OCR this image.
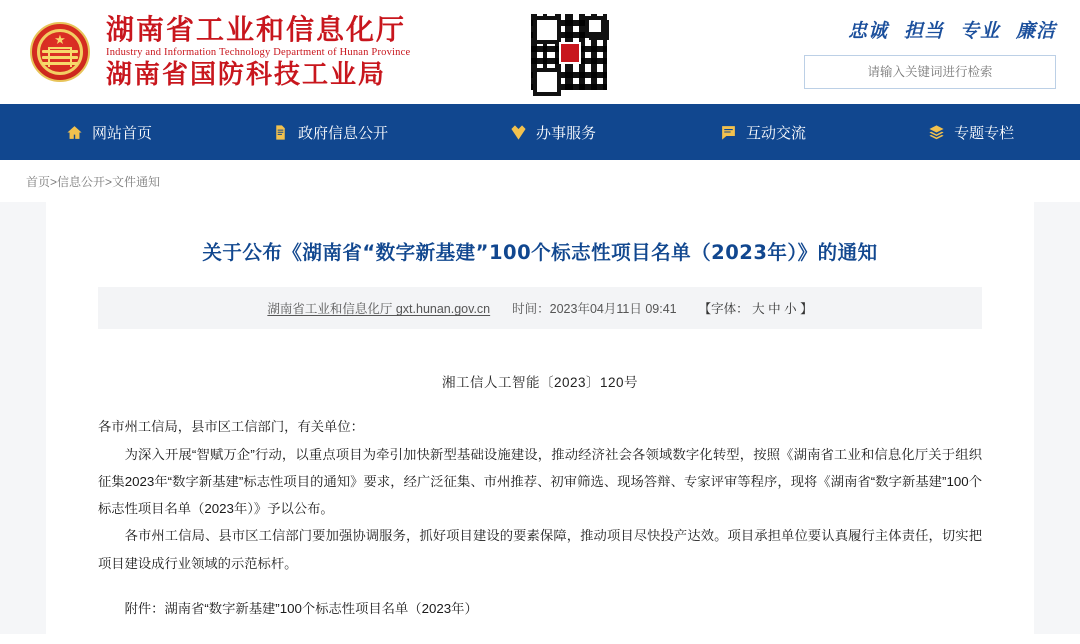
★ 湖南省工业和信息化厅
Industry and Information Technology Department of Hunan Province
湖南省国防科技工业局
忠诚 担当 专业 廉洁
请输入关键词进行检索
网站首页	政府信息公开	办事服务	互动交流	专题专栏
首页>信息公开>文件通知
关于公布《湖南省“数字新基建”100个标志性项目名单（2023年）》的通知
湖南省工业和信息化厅 gxt.hunan.gov.cn 时间：2023年04月11日 09:41 【字体： 大 中 小 】
湘工信人工智能〔2023〕120号

各市州工信局，县市区工信部门，有关单位：

为深入开展“智赋万企”行动，以重点项目为牵引加快新型基础设施建设，推动经济社会各领域数字化转型，按照《湖南省工业和信息化厅关于组织征集2023年“数字新基建”标志性项目的通知》要求，经广泛征集、市州推荐、初审筛选、现场答辩、专家评审等程序，现将《湖南省“数字新基建”100个标志性项目名单（2023年）》予以公布。

各市州工信局、县市区工信部门要加强协调服务，抓好项目建设的要素保障，推动项目尽快投产达效。项目承担单位要认真履行主体责任，切实把项目建设成行业领域的示范标杆。

附件：湖南省“数字新基建”100个标志性项目名单（2023年）
